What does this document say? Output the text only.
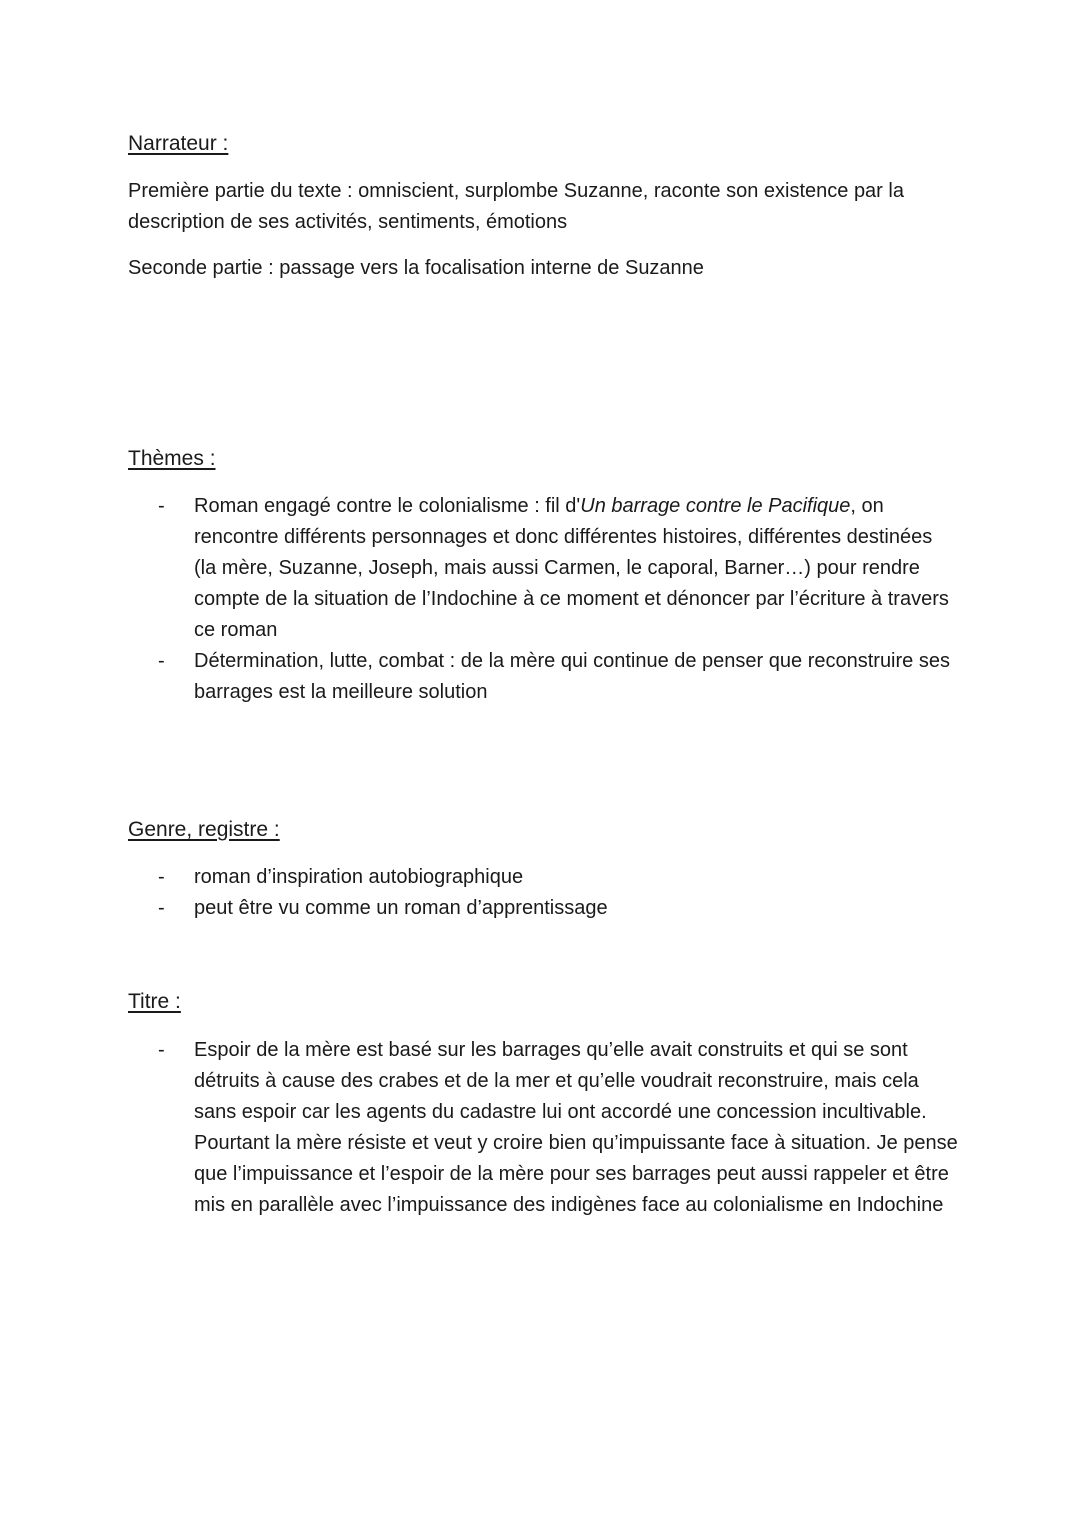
Narrateur :

Première partie du texte : omniscient, surplombe Suzanne, raconte son existence par la description de ses activités, sentiments, émotions

Seconde partie : passage vers la focalisation interne de Suzanne

Thèmes :
- Roman engagé contre le colonialisme : fil d'Un barrage contre le Pacifique, on rencontre différents personnages et donc différentes histoires, différentes destinées (la mère, Suzanne, Joseph, mais aussi Carmen, le caporal, Barner…) pour rendre compte de la situation de l’Indochine à ce moment et dénoncer par l’écriture à travers ce roman
- Détermination, lutte, combat : de la mère qui continue de penser que reconstruire ses barrages est la meilleure solution
Genre, registre :
- roman d’inspiration autobiographique
- peut être vu comme un roman d’apprentissage
Titre :
- Espoir de la mère est basé sur les barrages qu’elle avait construits et qui se sont détruits à cause des crabes et de la mer et qu’elle voudrait reconstruire, mais cela sans espoir car les agents du cadastre lui ont accordé une concession incultivable. Pourtant la mère résiste et veut y croire bien qu’impuissante face à situation. Je pense que l’impuissance et l’espoir de la mère pour ses barrages peut aussi rappeler et être mis en parallèle avec l’impuissance des indigènes face au colonialisme en Indochine
